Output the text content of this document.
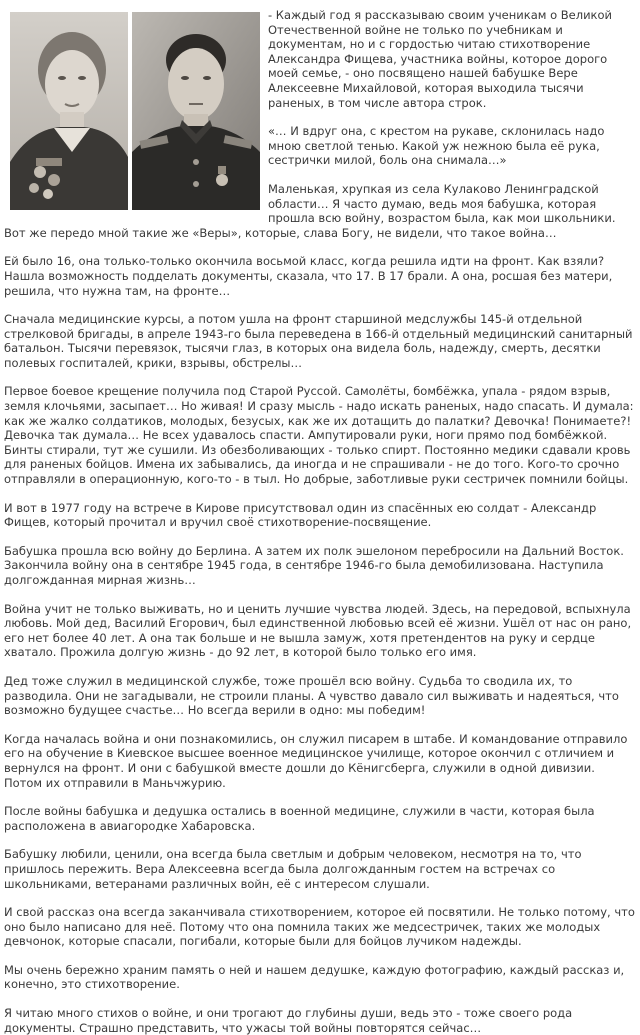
- Каждый год я рассказываю своим ученикам о Великой Отечественной войне не только по учебникам и документам, но и с гордостью читаю стихотворение Александра Фищева, участника войны, которое дорого моей семье, - оно посвящено нашей бабушке Вере Алексеевне Михайловой, которая выходила тысячи раненых, в том числе автора строк.

«… И вдруг она, с крестом на рукаве, склонилась надо мною светлой тенью. Какой уж нежною была её рука, сестрички милой, боль она снимала…»

Маленькая, хрупкая из села Кулаково Ленинградской области… Я часто думаю, ведь моя бабушка, которая прошла всю войну, возрастом была, как мои школьники. Вот же передо мной такие же «Веры», которые, слава Богу, не видели, что такое война…

Ей было 16, она только-только окончила восьмой класс, когда решила идти на фронт. Как взяли? Нашла возможность подделать документы, сказала, что 17. В 17 брали. А она, росшая без матери, решила, что нужна там, на фронте…

Сначала медицинские курсы, а потом ушла на фронт старшиной медслужбы 145-й отдельной стрелковой бригады, в апреле 1943-го была переведена в 166-й отдельный медицинский санитарный батальон. Тысячи перевязок, тысячи глаз, в которых она видела боль, надежду, смерть, десятки полевых госпиталей, крики, взрывы, обстрелы…

Первое боевое крещение получила под Старой Руссой. Самолёты, бомбёжка, упала - рядом взрыв, земля клочьями, засыпает… Но живая! И сразу мысль - надо искать раненых, надо спасать. И думала: как же жалко солдатиков, молодых, безусых, как же их дотащить до палатки? Девочка! Понимаете?! Девочка так думала… Не всех удавалось спасти. Ампутировали руки, ноги прямо под бомбёжкой. Бинты стирали, тут же сушили. Из обезболивающих - только спирт. Постоянно медики сдавали кровь для раненых бойцов. Имена их забывались, да иногда и не спрашивали - не до того. Кого-то срочно отправляли в операционную, кого-то - в тыл. Но добрые, заботливые руки сестричек помнили бойцы.

И вот в 1977 году на встрече в Кирове присутствовал один из спасённых ею солдат - Александр Фищев, который прочитал и вручил своё стихотворение-посвящение.

Бабушка прошла всю войну до Берлина. А затем их полк эшелоном перебросили на Дальний Восток. Закончила войну она в сентябре 1945 года, в сентябре 1946-го была демобилизована. Наступила долгожданная мирная жизнь…

Война учит не только выживать, но и ценить лучшие чувства людей. Здесь, на передовой, вспыхнула любовь. Мой дед, Василий Егорович, был единственной любовью всей её жизни. Ушёл от нас он рано, его нет более 40 лет. А она так больше и не вышла замуж, хотя претендентов на руку и сердце хватало. Прожила долгую жизнь - до 92 лет, в которой было только его имя.

Дед тоже служил в медицинской службе, тоже прошёл всю войну. Судьба то сводила их, то разводила. Они не загадывали, не строили планы. А чувство давало сил выживать и надеяться, что возможно будущее счастье… Но всегда верили в одно: мы победим!

Когда началась война и они познакомились, он служил писарем в штабе. И командование отправило его на обучение в Киевское высшее военное медицинское училище, которое окончил с отличием и вернулся на фронт. И они с бабушкой вместе дошли до Кёнигсберга, служили в одной дивизии. Потом их отправили в Маньчжурию.

После войны бабушка и дедушка остались в военной медицине, служили в части, которая была расположена в авиагородке Хабаровска.

Бабушку любили, ценили, она всегда была светлым и добрым человеком, несмотря на то, что пришлось пережить. Вера Алексеевна всегда была долгожданным гостем на встречах со школьниками, ветеранами различных войн, её с интересом слушали.

И свой рассказ она всегда заканчивала стихотворением, которое ей посвятили. Не только потому, что оно было написано для неё. Потому что она помнила таких же медсестричек, таких же молодых девчонок, которые спасали, погибали, которые были для бойцов лучиком надежды.

Мы очень бережно храним память о ней и нашем дедушке, каждую фотографию, каждый рассказ и, конечно, это стихотворение.

Я читаю много стихов о войне, и они трогают до глубины души, ведь это - тоже своего рода документы. Страшно представить, что ужасы той войны повторятся сейчас…
